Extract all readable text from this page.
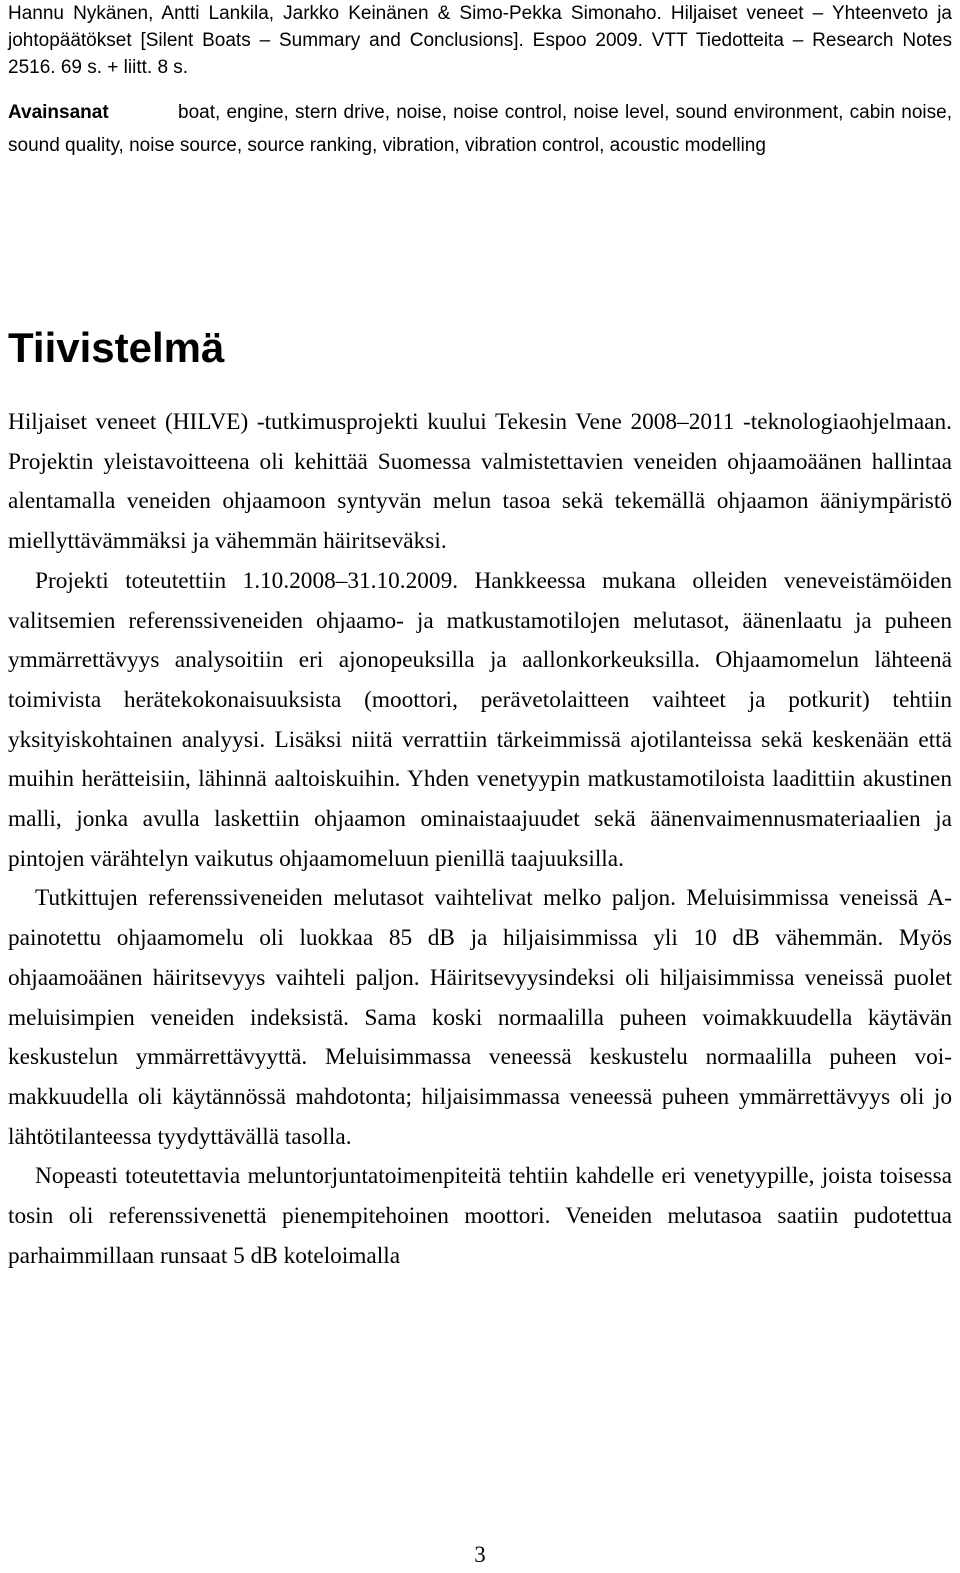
Hannu Nykänen, Antti Lankila, Jarkko Keinänen & Simo-Pekka Simonaho. Hiljaiset veneet – Yhteenveto ja johtopäätökset [Silent Boats – Summary and Conclusions]. Espoo 2009. VTT Tiedotteita – Research Notes 2516. 69 s. + liitt. 8 s.
Avainsanat	boat, engine, stern drive, noise, noise control, noise level, sound environment, cabin noise, sound quality, noise source, source ranking, vibration, vibration control, acoustic modelling
Tiivistelmä

Hiljaiset veneet (HILVE) -tutkimusprojekti kuului Tekesin Vene 2008–2011 -teknologiaohjelmaan. Projektin yleistavoitteena oli kehittää Suomessa valmistettavien veneiden ohjaamoäänen hallintaa alentamalla veneiden ohjaamoon syntyvän melun tasoa sekä tekemällä ohjaamon ääniympäristö miellyttävämmäksi ja vähemmän häiritseväksi.

Projekti toteutettiin 1.10.2008–31.10.2009. Hankkeessa mukana olleiden veneveistämöiden valitsemien referenssiveneiden ohjaamo- ja matkustamotilojen melutasot, äänenlaatu ja puheen ymmärrettävyys analysoitiin eri ajonopeuksilla ja aallonkorkeuksilla. Ohjaamomelun lähteenä toimivista herätekokonaisuuksista (moottori, perävetolaitteen vaihteet ja potkurit) tehtiin yksityiskohtainen analyysi. Lisäksi niitä verrattiin tärkeimmissä ajotilanteissa sekä keskenään että muihin herätteisiin, lähinnä aaltoiskuihin. Yhden venetyypin matkustamotiloista laadittiin akustinen malli, jonka avulla laskettiin ohjaamon ominaistaajuudet sekä äänenvaimennusmateriaalien ja pintojen värähtelyn vaikutus ohjaamomeluun pienillä taajuuksilla.

Tutkittujen referenssiveneiden melutasot vaihtelivat melko paljon. Meluisimmissa veneissä A-painotettu ohjaamomelu oli luokkaa 85 dB ja hiljaisimmissa yli 10 dB vähemmän. Myös ohjaamoäänen häiritsevyys vaihteli paljon. Häiritsevyysindeksi oli hiljaisimmissa veneissä puolet meluisimpien veneiden indeksistä. Sama koski normaalilla puheen voimakkuudella käytävän keskustelun ymmärrettävyyttä. Meluisimmassa veneessä keskustelu normaalilla puheen voimakkuudella oli käytännössä mahdotonta; hiljaisimmassa veneessä puheen ymmärrettävyys oli jo lähtötilanteessa tyydyttävällä tasolla.

Nopeasti toteutettavia meluntorjuntatoimenpiteitä tehtiin kahdelle eri venetyypille, joista toisessa tosin oli referenssivenettä pienempitehoinen moottori. Veneiden melutasoa saatiin pudotettua parhaimmillaan runsaat 5 dB koteloimalla

3
